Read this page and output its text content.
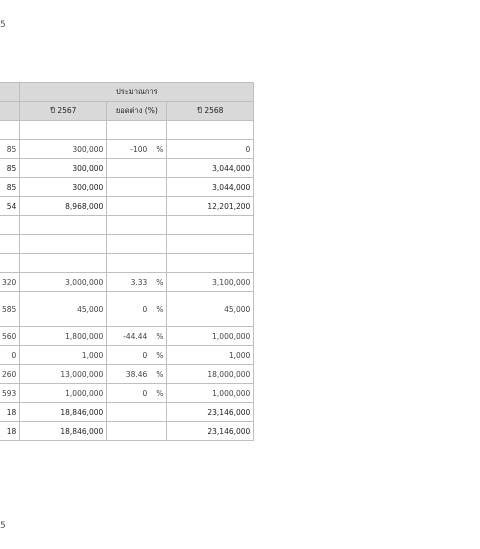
5
	ประมาณการ		
	ปี 2567	ยอดต่าง (%)	ปี 2568

85	300,000	-100 %	0
85	300,000		3,044,000
85	300,000		3,044,000
54	8,968,000		12,201,200

320	3,000,000	3.33 %	3,100,000
585	45,000	0 %	45,000
560	1,800,000	-44.44 %	1,000,000
0	1,000	0 %	1,000
260	13,000,000	38.46 %	18,000,000
593	1,000,000	0 %	1,000,000
18	18,846,000		23,146,000
18	18,846,000		23,146,000
5
